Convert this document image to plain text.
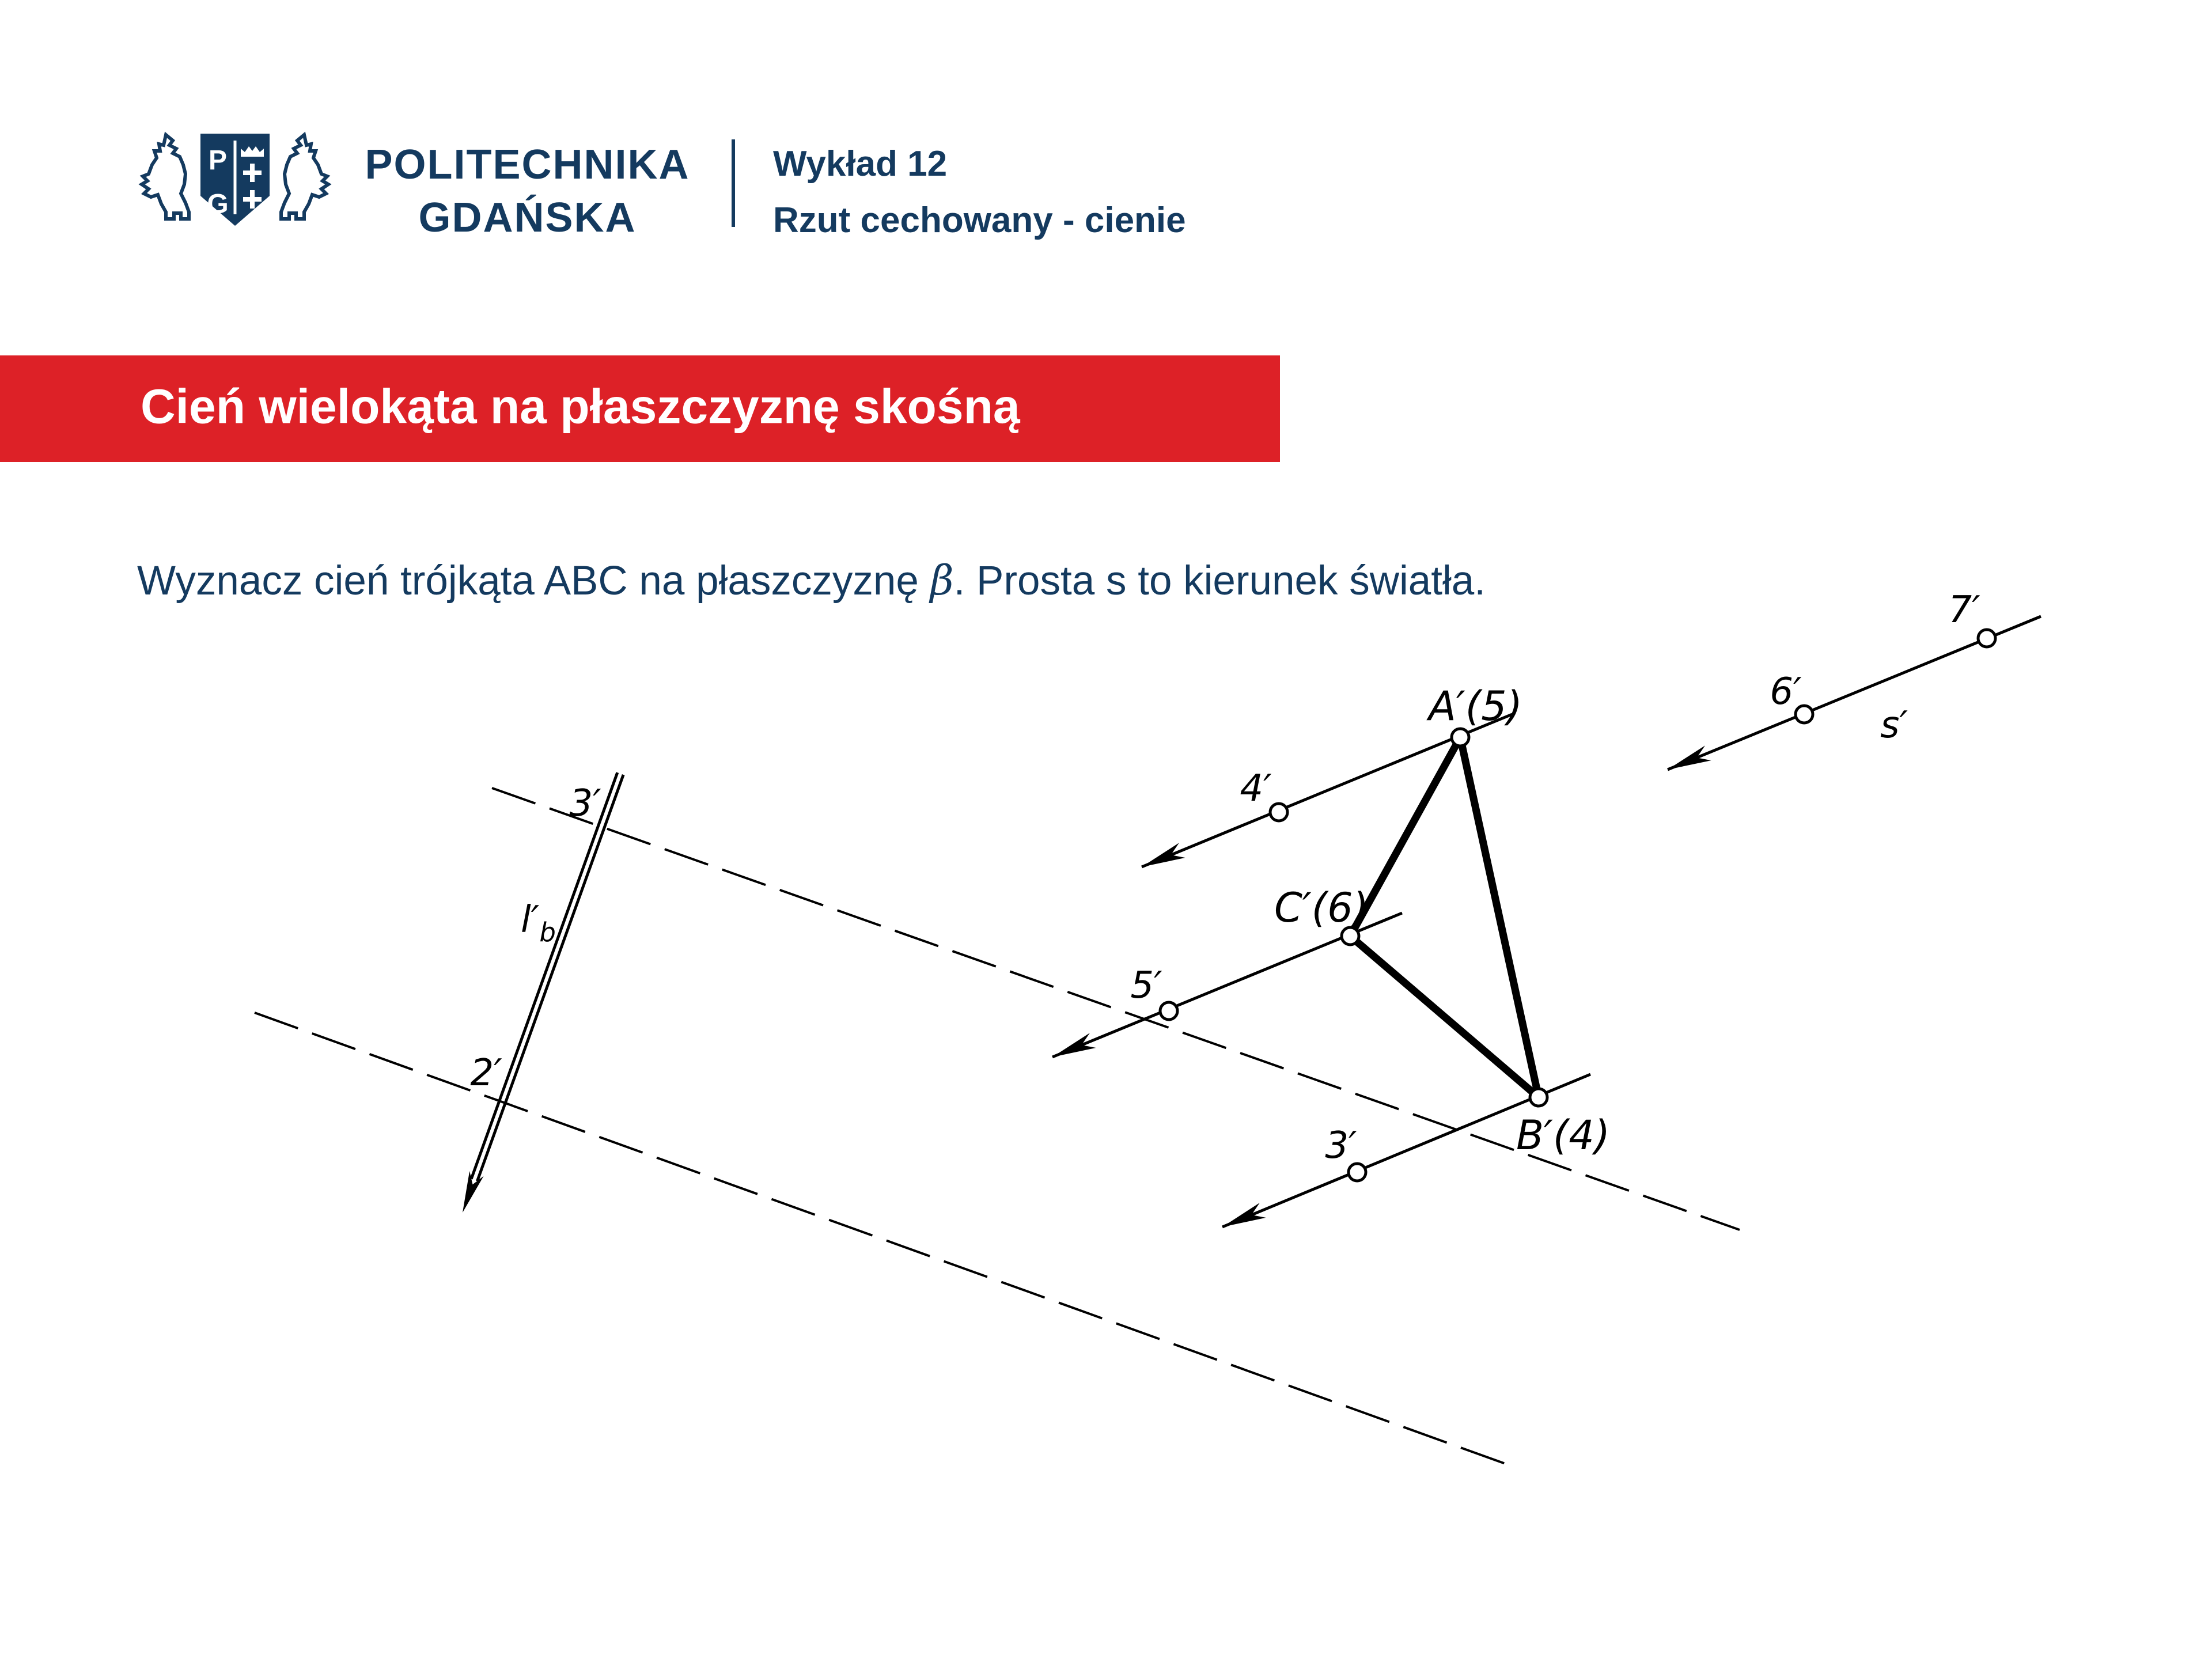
P
G
POLITECHNIKA
GDAŃSKA
Wykład 12
Rzut cechowany - cienie
Cień wielokąta na płaszczyznę skośną

Wyznacz cień trójkąta ABC na płaszczyznę β. Prosta s to kierunek światła.

A′(5)
C′(6)
B′(4)
4′
5′
3′
6′
7′
s′
3′
2′
$l'_b$
